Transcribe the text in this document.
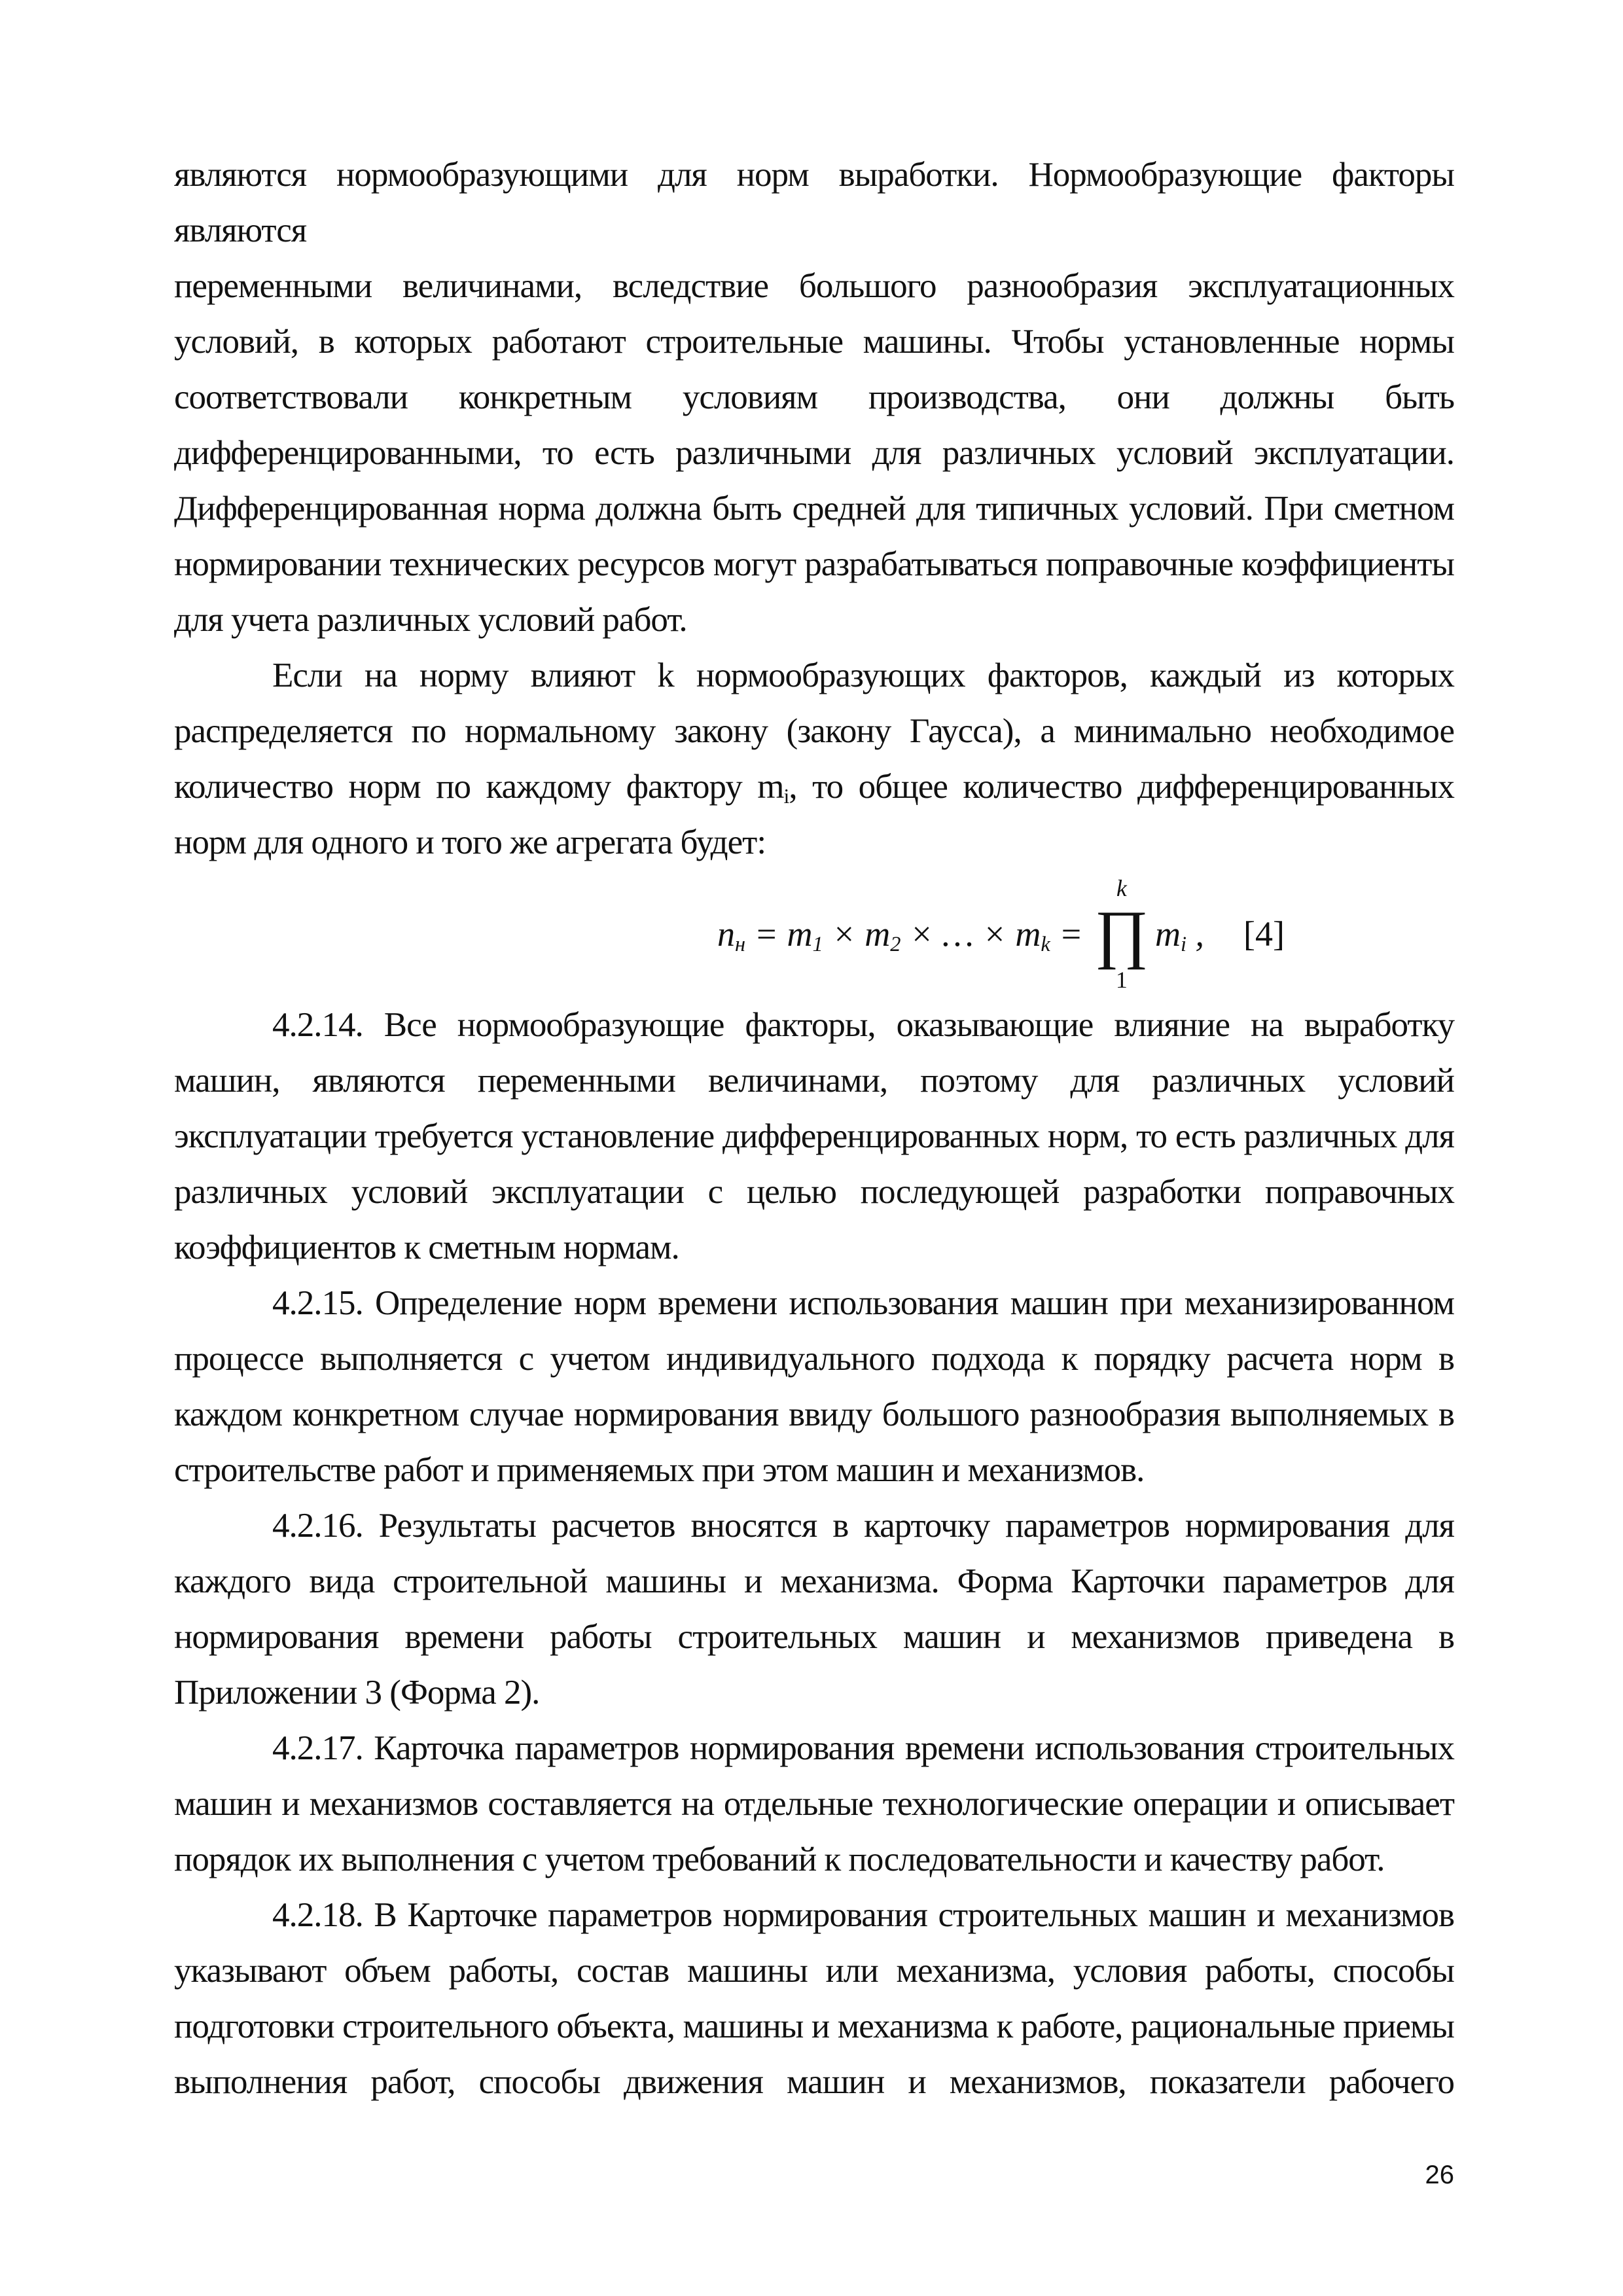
являются нормообразующими для норм выработки. Нормообразующие факторы являются
переменными величинами, вследствие большого разнообразия эксплуатационных
условий, в которых работают строительные машины. Чтобы установленные нормы
соответствовали конкретным условиям производства, они должны быть
дифференцированными, то есть различными для различных условий эксплуатации.
Дифференцированная норма должна быть средней для типичных условий. При сметном
нормировании технических ресурсов могут разрабатываться поправочные коэффициенты
для учета различных условий работ.
Если на норму влияют k нормообразующих факторов, каждый из которых
распределяется по нормальному закону (закону Гаусса), а минимально необходимое
количество норм по каждому фактору $m_i$, то общее количество дифференцированных
норм для одного и того же агрегата будет:
$n_н = m_1 \times m_2$ × … × $m_k$ =
k
∏
1
$m_i$ , [4]
4.2.14. Все нормообразующие факторы, оказывающие влияние на выработку
машин, являются переменными величинами, поэтому для различных условий
эксплуатации требуется установление дифференцированных норм, то есть различных для
различных условий эксплуатации с целью последующей разработки поправочных
коэффициентов к сметным нормам.
4.2.15. Определение норм времени использования машин при механизированном
процессе выполняется с учетом индивидуального подхода к порядку расчета норм в
каждом конкретном случае нормирования ввиду большого разнообразия выполняемых в
строительстве работ и применяемых при этом машин и механизмов.
4.2.16. Результаты расчетов вносятся в карточку параметров нормирования для
каждого вида строительной машины и механизма. Форма Карточки параметров для
нормирования времени работы строительных машин и механизмов приведена в
Приложении 3 (Форма 2).
4.2.17. Карточка параметров нормирования времени использования строительных
машин и механизмов составляется на отдельные технологические операции и описывает
порядок их выполнения с учетом требований к последовательности и качеству работ.
4.2.18. В Карточке параметров нормирования строительных машин и механизмов
указывают объем работы, состав машины или механизма, условия работы, способы
подготовки строительного объекта, машины и механизма к работе, рациональные приемы
выполнения работ, способы движения машин и механизмов, показатели рабочего
26
